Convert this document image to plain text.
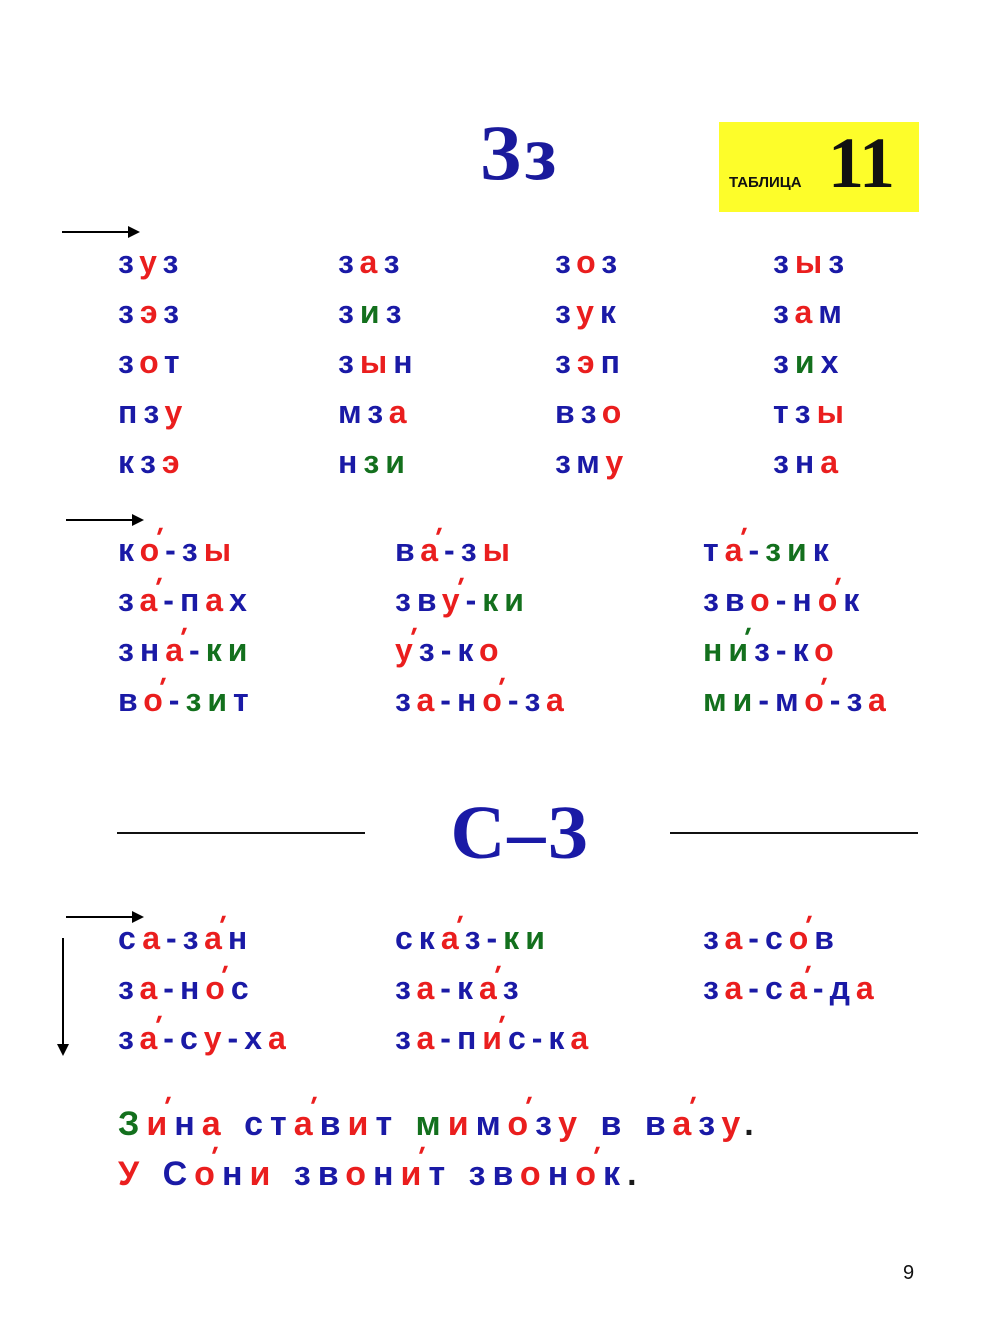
Зз	ТАБЛИЦА 11
С–З
зуз	заз	зоз	зыз
зэз	зиз	зук	зам
зот	зын	зэп	зих
пзу	мза	взо	тзы
кзэ	нзи	зму	зна
ко '-зы	ва '-зы	та '-зик
за '-пах	зву '-ки	зво-но 'к
зна '-ки	у 'з-ко	ни 'з-ко
во '-зит	за-но '-за	ми-мо '-за
са-за 'н	ска 'з-ки	за-со 'в
за-но 'с	за-ка 'з	за-са '-да
за '-су-ха	за-пи 'с-ка
Зи 'на ста 'вит мимо 'зу в ва 'зу.
У Со 'ни звони 'т звоно 'к.
9
